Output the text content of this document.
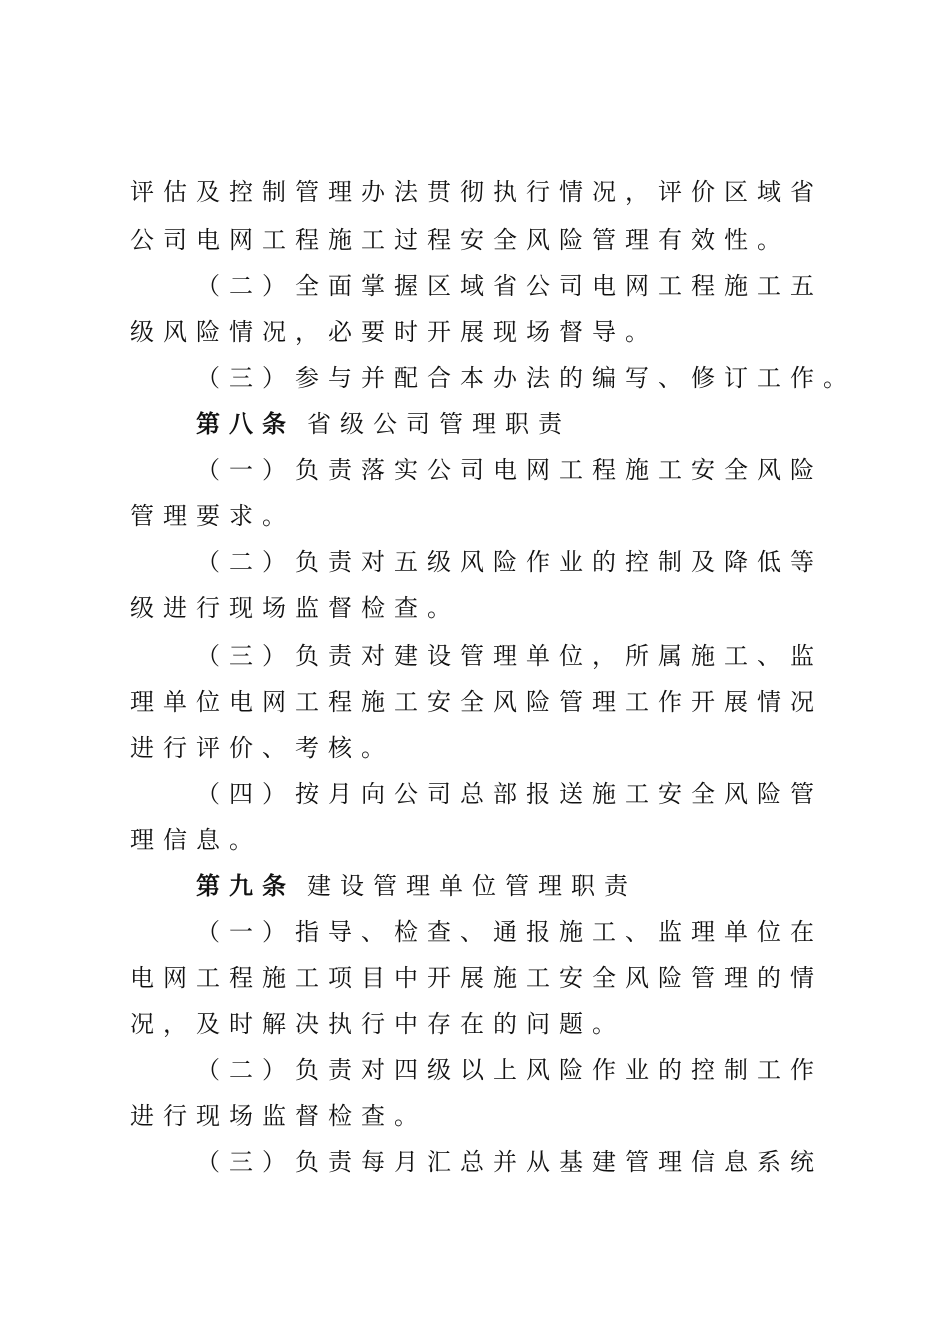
评估及控制管理办法贯彻执行情况，评价区域省
公司电网工程施工过程安全风险管理有效性。
（二）全面掌握区域省公司电网工程施工五
级风险情况，必要时开展现场督导。
（三）参与并配合本办法的编写、修订工作。
第八条 省级公司管理职责
（一）负责落实公司电网工程施工安全风险
管理要求。
（二）负责对五级风险作业的控制及降低等
级进行现场监督检查。
（三）负责对建设管理单位，所属施工、监
理单位电网工程施工安全风险管理工作开展情况
进行评价、考核。
（四）按月向公司总部报送施工安全风险管
理信息。
第九条 建设管理单位管理职责
（一）指导、检查、通报施工、监理单位在
电网工程施工项目中开展施工安全风险管理的情
况，及时解决执行中存在的问题。
（二）负责对四级以上风险作业的控制工作
进行现场监督检查。
（三）负责每月汇总并从基建管理信息系统
